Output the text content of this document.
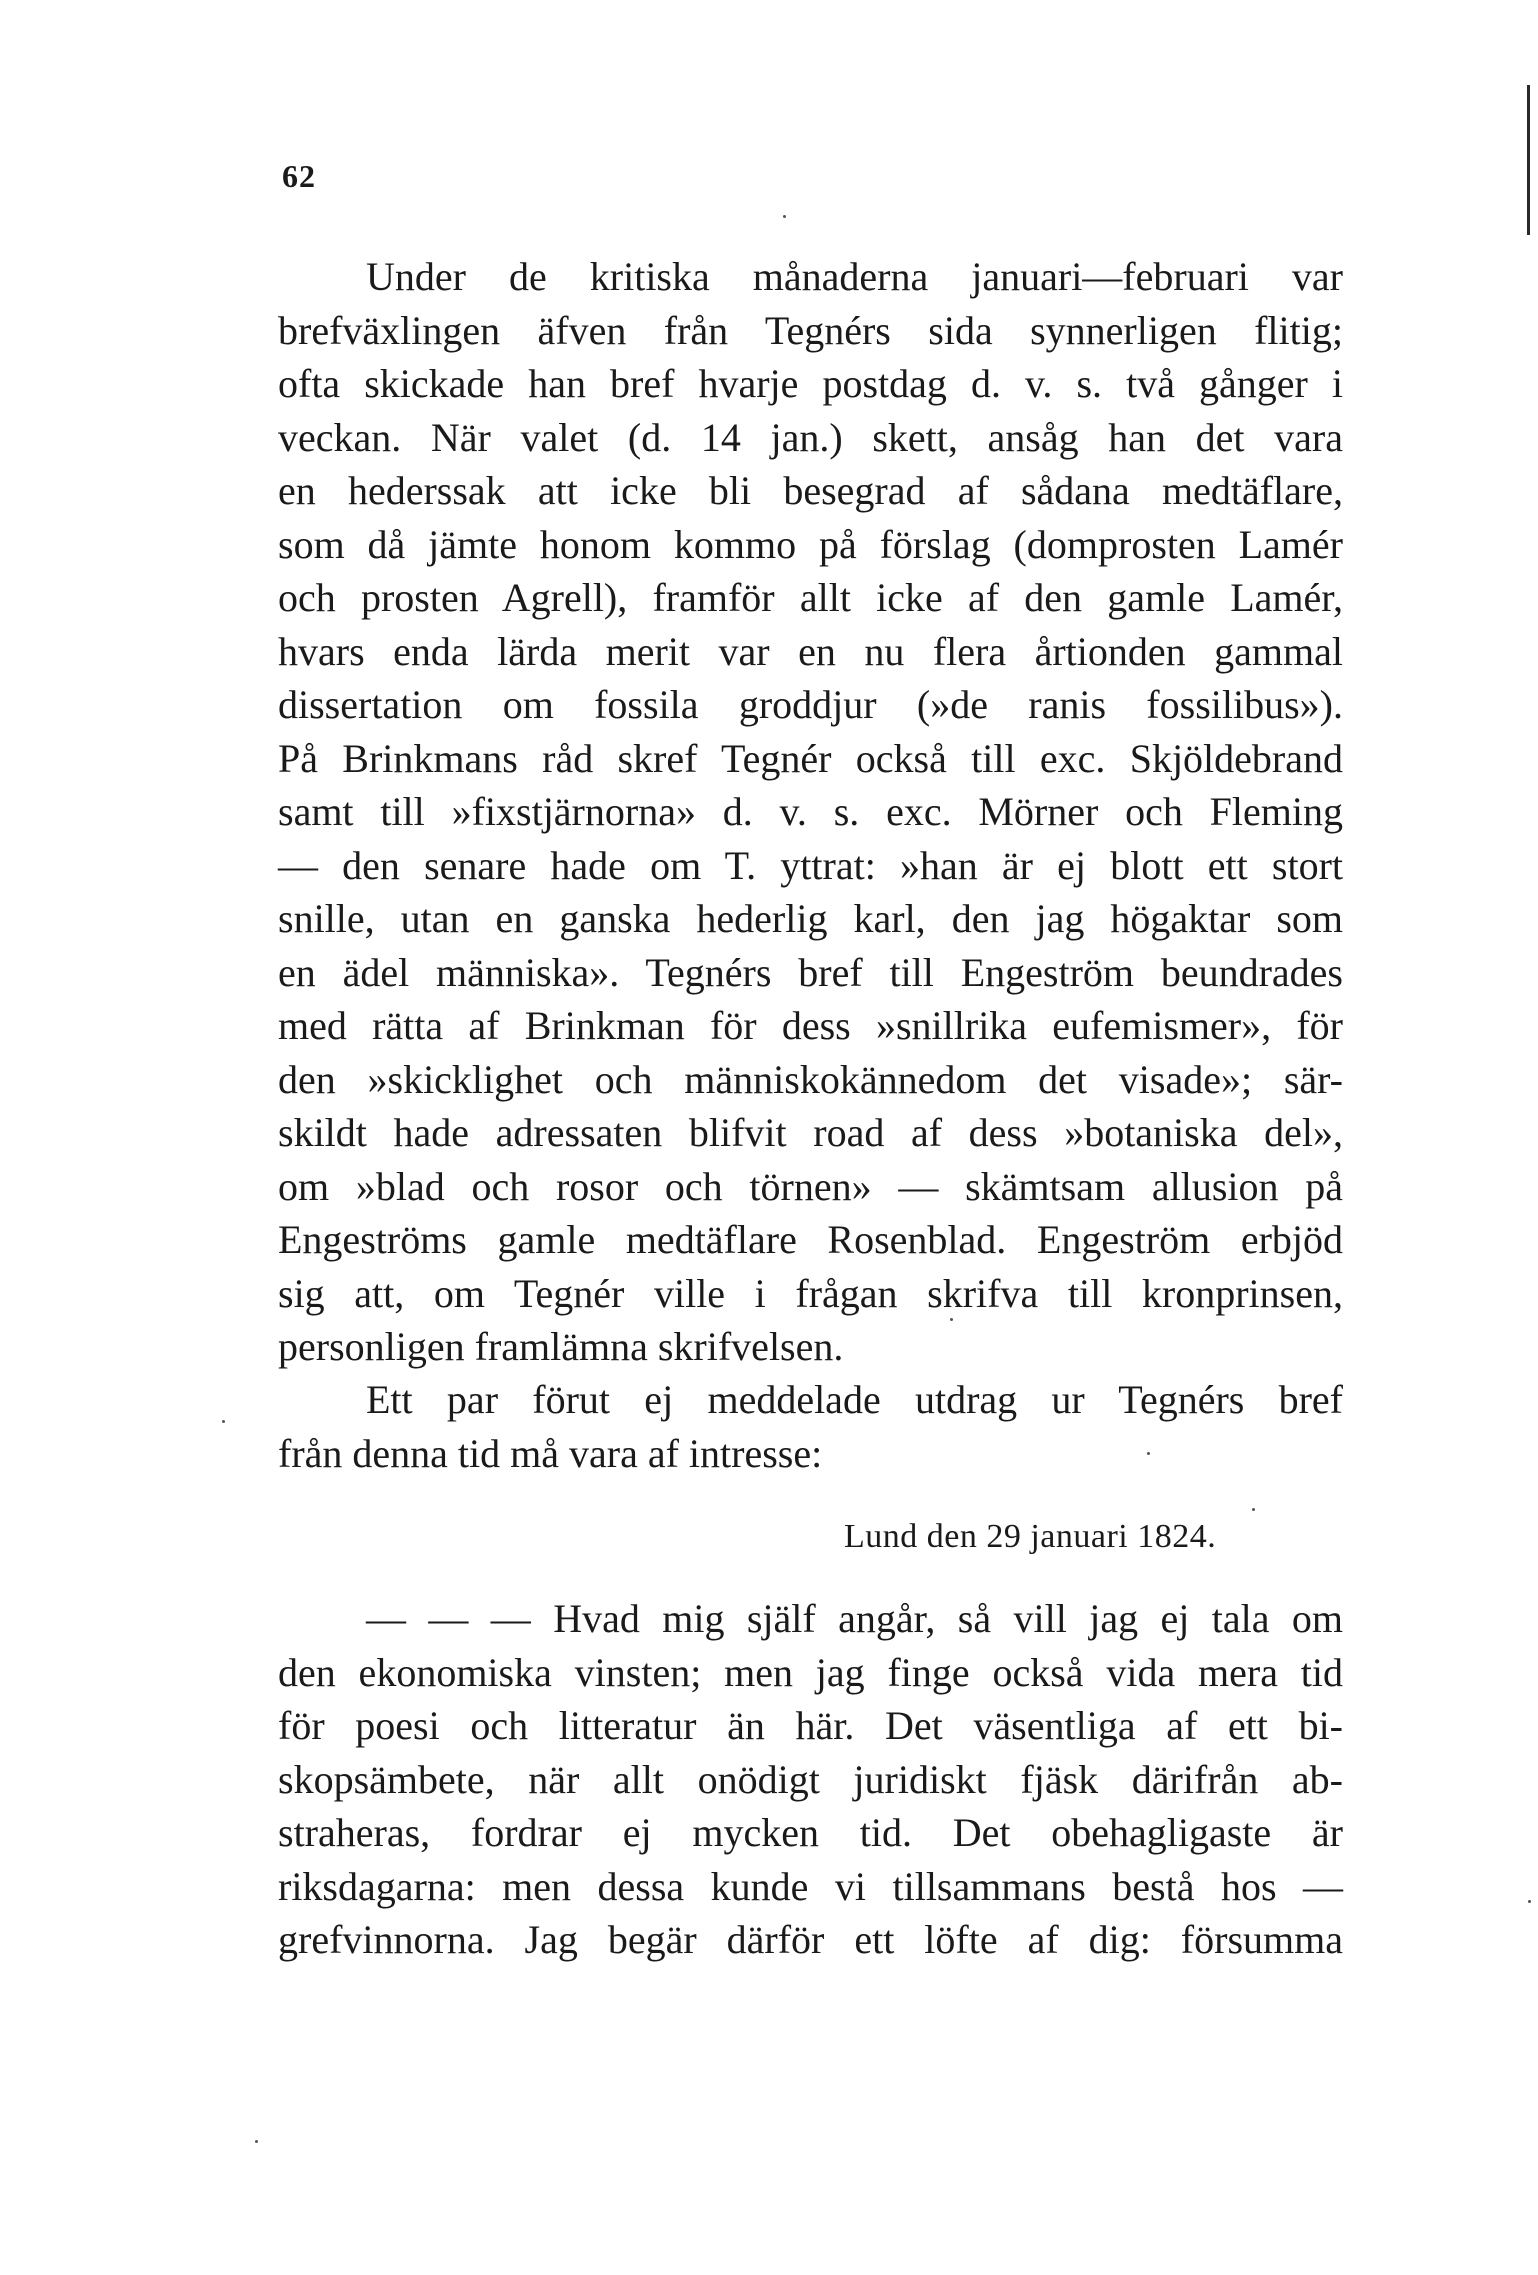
62
Under de kritiska månaderna januari—februari var
brefväxlingen äfven från Tegnérs sida synnerligen flitig;
ofta skickade han bref hvarje postdag d. v. s. två gånger i
veckan. När valet (d. 14 jan.) skett, ansåg han det vara
en hederssak att icke bli besegrad af sådana medtäflare,
som då jämte honom kommo på förslag (domprosten Lamér
och prosten Agrell), framför allt icke af den gamle Lamér,
hvars enda lärda merit var en nu flera årtionden gammal
dissertation om fossila groddjur (»de ranis fossilibus»).
På Brinkmans råd skref Tegnér också till exc. Skjöldebrand
samt till »fixstjärnorna» d. v. s. exc. Mörner och Fleming
— den senare hade om T. yttrat: »han är ej blott ett stort
snille, utan en ganska hederlig karl, den jag högaktar som
en ädel människa». Tegnérs bref till Engeström beundrades
med rätta af Brinkman för dess »snillrika eufemismer», för
den »skicklighet och människokännedom det visade»; sär-
skildt hade adressaten blifvit road af dess »botaniska del»,
om »blad och rosor och törnen» — skämtsam allusion på
Engeströms gamle medtäflare Rosenblad. Engeström erbjöd
sig att, om Tegnér ville i frågan skrifva till kronprinsen,
personligen framlämna skrifvelsen.
Ett par förut ej meddelade utdrag ur Tegnérs bref
från denna tid må vara af intresse:
Lund den 29 januari 1824.
— — — Hvad mig själf angår, så vill jag ej tala om
den ekonomiska vinsten; men jag finge också vida mera tid
för poesi och litteratur än här. Det väsentliga af ett bi-
skopsämbete, när allt onödigt juridiskt fjäsk därifrån ab-
straheras, fordrar ej mycken tid. Det obehagligaste är
riksdagarna: men dessa kunde vi tillsammans bestå hos —
grefvinnorna. Jag begär därför ett löfte af dig: försumma
